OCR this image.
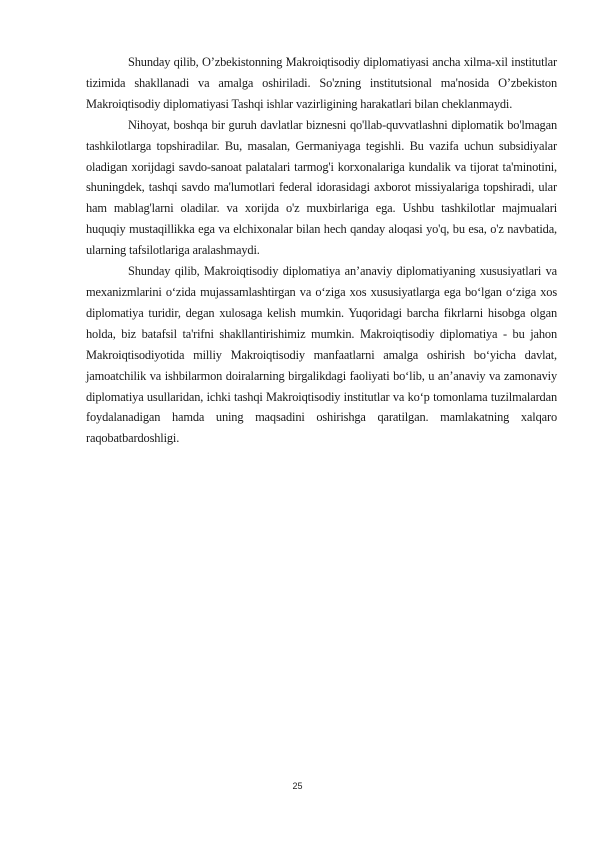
Shunday qilib, O’zbekistonning Makroiqtisodiy diplomatiyasi ancha xilma-xil institutlar tizimida shakllanadi va amalga oshiriladi. So'zning institutsional ma'nosida O’zbekiston Makroiqtisodiy diplomatiyasi Tashqi ishlar vazirligining harakatlari bilan cheklanmaydi.

Nihoyat, boshqa bir guruh davlatlar biznesni qo'llab-quvvatlashni diplomatik bo'lmagan tashkilotlarga topshiradilar. Bu, masalan, Germaniyaga tegishli. Bu vazifa uchun subsidiyalar oladigan xorijdagi savdo-sanoat palatalari tarmog'i korxonalariga kundalik va tijorat ta'minotini, shuningdek, tashqi savdo ma'lumotlari federal idorasidagi axborot missiyalariga topshiradi, ular ham mablag'larni oladilar. va xorijda o'z muxbirlariga ega. Ushbu tashkilotlar majmualari huquqiy mustaqillikka ega va elchixonalar bilan hech qanday aloqasi yo'q, bu esa, o'z navbatida, ularning tafsilotlariga aralashmaydi.

Shunday qilib, Makroiqtisodiy diplomatiya an’anaviy diplomatiyaning xususiyatlari va mexanizmlarini o‘zida mujassamlashtirgan va o‘ziga xos xususiyatlarga ega bo‘lgan o‘ziga xos diplomatiya turidir, degan xulosaga kelish mumkin. Yuqoridagi barcha fikrlarni hisobga olgan holda, biz batafsil ta'rifni shakllantirishimiz mumkin. Makroiqtisodiy diplomatiya - bu jahon Makroiqtisodiyotida milliy Makroiqtisodiy manfaatlarni amalga oshirish bo‘yicha davlat, jamoatchilik va ishbilarmon doiralarning birgalikdagi faoliyati bo‘lib, u an’anaviy va zamonaviy diplomatiya usullaridan, ichki tashqi Makroiqtisodiy institutlar va ko‘p tomonlama tuzilmalardan foydalanadigan hamda uning maqsadini oshirishga qaratilgan. mamlakatning xalqaro raqobatbardoshligi.

25
